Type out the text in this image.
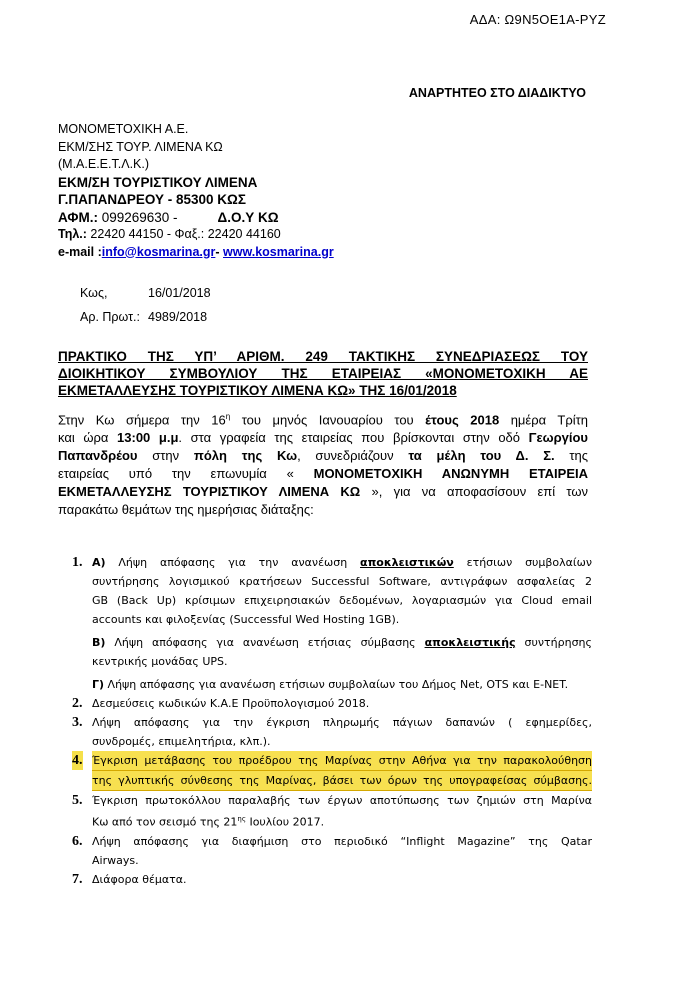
ΑΔΑ: Ω9Ν5ΟΕ1Α-ΡΥΖ
ΑΝΑΡΤΗΤΕΟ ΣΤΟ ΔΙΑΔΙΚΤΥΟ
ΜΟΝΟΜΕΤΟΧΙΚΗ Α.Ε.
ΕΚΜ/ΣΗΣ ΤΟΥΡ. ΛΙΜΕΝΑ ΚΩ
(Μ.Α.Ε.Ε.Τ.Λ.Κ.)
ΕΚΜ/ΣΗ ΤΟΥΡΙΣΤΙΚΟΥ ΛΙΜΕΝΑ
Γ.ΠΑΠΑΝΔΡΕΟΥ - 85300 ΚΩΣ
ΑΦΜ.: 099269630 -	Δ.Ο.Υ ΚΩ
Τηλ.: 22420 44150 - Φαξ.: 22420 44160
e-mail :info@kosmarina.gr- www.kosmarina.gr
Κως,	16/01/2018
Αρ. Πρωτ.: 4989/2018
ΠΡΑΚΤΙΚΟ ΤΗΣ ΥΠ’ ΑΡΙΘΜ. 249 ΤΑΚΤΙΚΗΣ ΣΥΝΕΔΡΙΑΣΕΩΣ ΤΟΥ
ΔΙΟΙΚΗΤΙΚΟΥ ΣΥΜΒΟΥΛΙΟΥ ΤΗΣ ΕΤΑΙΡΕΙΑΣ «ΜΟΝΟΜΕΤΟΧΙΚΗ ΑΕ
ΕΚΜΕΤΑΛΛΕΥΣΗΣ ΤΟΥΡΙΣΤΙΚΟΥ ΛΙΜΕΝΑ ΚΩ» ΤΗΣ 16/01/2018
Στην Κω σήμερα την $16^\eta$ του μηνός Ιανουαρίου του έτους 2018 ημέρα Τρίτη
και ώρα 13:00 μ.μ. στα γραφεία της εταιρείας που βρίσκονται στην οδό Γεωργίου
Παπανδρέου στην πόλη της Κω, συνεδριάζουν τα μέλη του Δ. Σ. της
εταιρείας υπό την επωνυμία « ΜΟΝΟΜΕΤΟΧΙΚΗ ΑΝΩΝΥΜΗ ΕΤΑΙΡΕΙΑ
ΕΚΜΕΤΑΛΛΕΥΣΗΣ ΤΟΥΡΙΣΤΙΚΟΥ ΛΙΜΕΝΑ ΚΩ », για να αποφασίσουν επί των
παρακάτω θεμάτων της ημερήσιας διάταξης:
1. Α) Λήψη απόφασης για την ανανέωση αποκλειστικών ετήσιων συμβολαίων
συντήρησης λογισμικού κρατήσεων Successful Software, αντιγράφων ασφαλείας 2
GB (Back Up) κρίσιμων επιχειρησιακών δεδομένων, λογαριασμών για Cloud email
accounts και φιλοξενίας (Successful Wed Hosting 1GB).
Β) Λήψη απόφασης για ανανέωση ετήσιας σύμβασης αποκλειστικής συντήρησης
κεντρικής μονάδας UPS.
Γ) Λήψη απόφασης για ανανέωση ετήσιων συμβολαίων του Δήμος Net, OTS και E-NET.
2. Δεσμεύσεις κωδικών Κ.Α.Ε Προϋπολογισμού 2018.
3. Λήψη απόφασης για την έγκριση πληρωμής πάγιων δαπανών ( εφημερίδες,
συνδρομές, επιμελητήρια, κλπ.).
4. Έγκριση μετάβασης του προέδρου της Μαρίνας στην Αθήνα για την παρακολούθηση
της γλυπτικής σύνθεσης της Μαρίνας, βάσει των όρων της υπογραφείσας σύμβασης.
5. Έγκριση πρωτοκόλλου παραλαβής των έργων αποτύπωσης των ζημιών στη Μαρίνα
Κω από τον σεισμό της $21^{\eta\varsigma}$ Ιουλίου 2017.
6. Λήψη απόφασης για διαφήμιση στο περιοδικό “Inflight Magazine” της Qatar
Airways.
7. Διάφορα θέματα.
